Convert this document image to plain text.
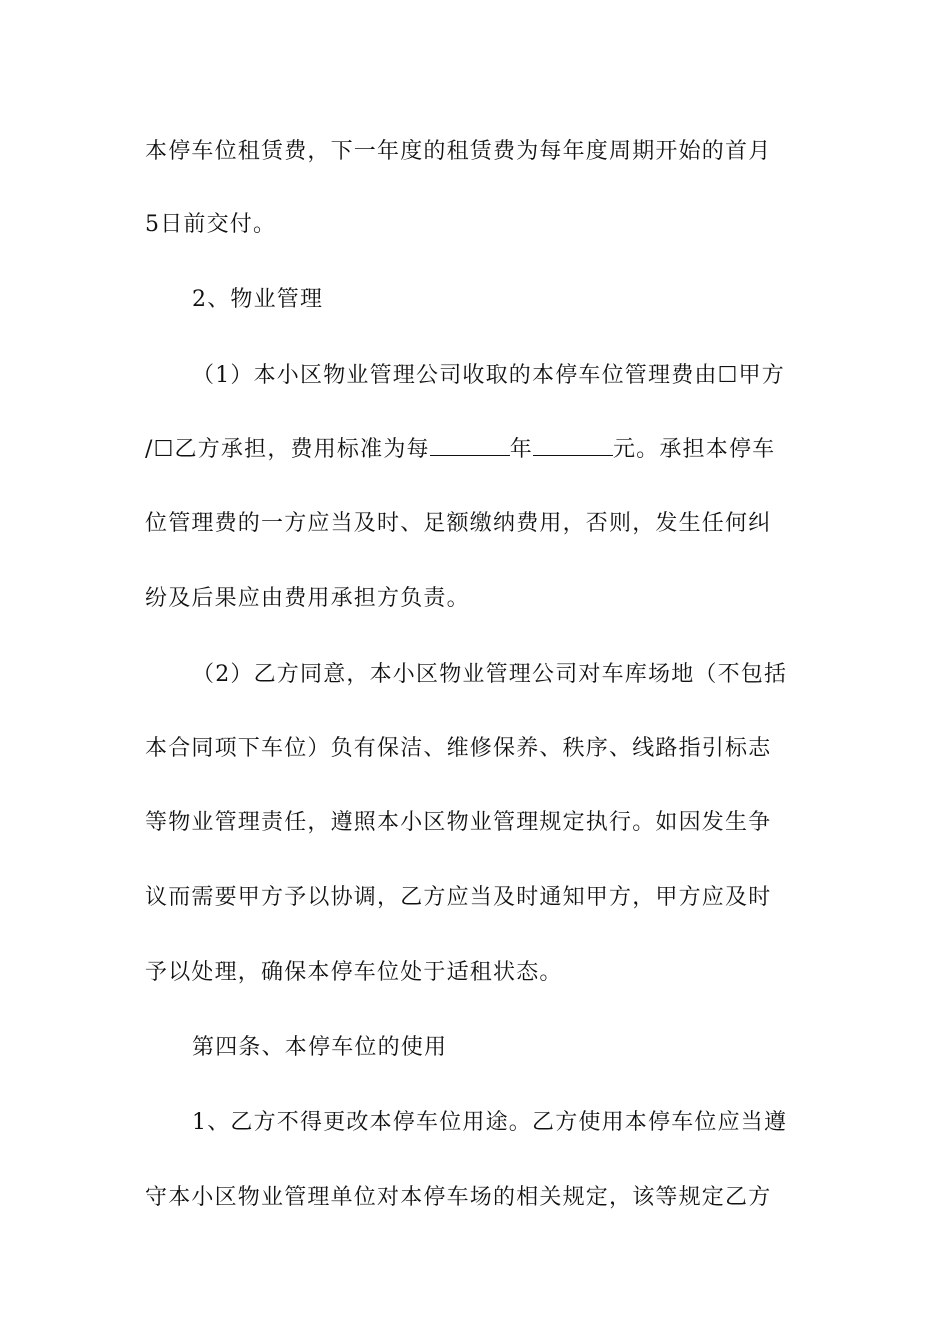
本停车位租赁费，下一年度的租赁费为每年度周期开始的首月
5日前交付。
2、物业管理
（1）本小区物业管理公司收取的本停车位管理费由☐甲方
/☐乙方承担，费用标准为每	年	元。承担本停车
位管理费的一方应当及时、足额缴纳费用，否则，发生任何纠
纷及后果应由费用承担方负责。
（2）乙方同意，本小区物业管理公司对车库场地（不包括
本合同项下车位）负有保洁、维修保养、秩序、线路指引标志
等物业管理责任，遵照本小区物业管理规定执行。如因发生争
议而需要甲方予以协调，乙方应当及时通知甲方，甲方应及时
予以处理，确保本停车位处于适租状态。
第四条、本停车位的使用
1、乙方不得更改本停车位用途。乙方使用本停车位应当遵
守本小区物业管理单位对本停车场的相关规定，该等规定乙方
